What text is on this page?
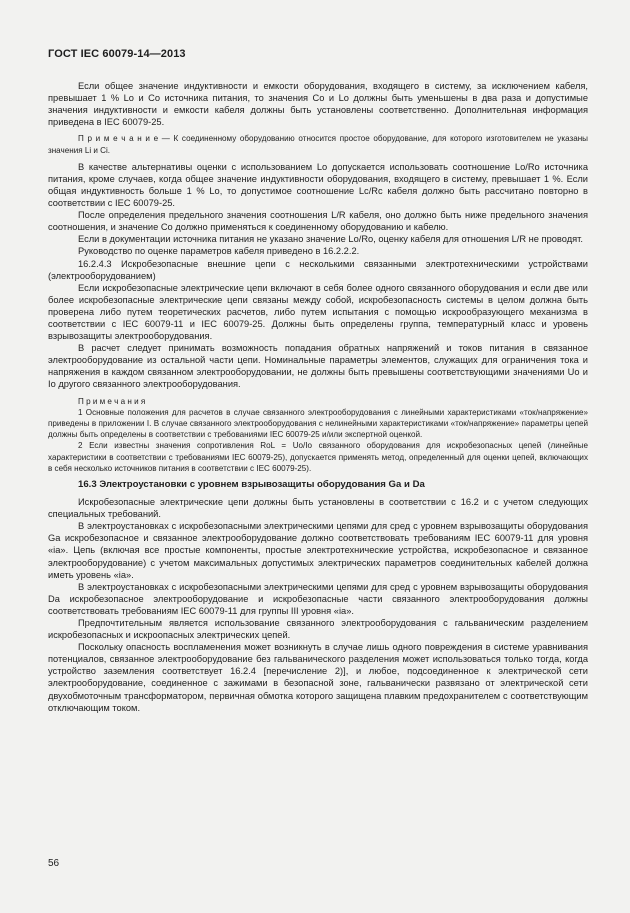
ГОСТ IEC 60079-14—2013

Если общее значение индуктивности и емкости оборудования, входящего в систему, за исключением кабеля, превышает 1 % Lo и Co источника питания, то значения Co и Lo должны быть уменьшены в два раза и допустимые значения индуктивности и емкости кабеля должны быть установлены соответственно. Дополнительная информация приведена в IEC 60079-25.

П р и м е ч а н и е — К соединенному оборудованию относится простое оборудование, для которого изготовителем не указаны значения Li и Ci.

В качестве альтернативы оценки с использованием Lo допускается использовать соотношение Lo/Ro источника питания, кроме случаев, когда общее значение индуктивности оборудования, входящего в систему, превышает 1 %. Если общая индуктивность больше 1 % Lo, то допустимое соотношение Lc/Rc кабеля должно быть рассчитано повторно в соответствии с IEC 60079-25.

После определения предельного значения соотношения L/R кабеля, оно должно быть ниже предельного значения соотношения, и значение Co должно применяться к соединенному оборудованию и кабелю.

Если в документации источника питания не указано значение Lo/Ro, оценку кабеля для отношения L/R не проводят.

Руководство по оценке параметров кабеля приведено в 16.2.2.2.

16.2.4.3 Искробезопасные внешние цепи с несколькими связанными электротехническими устройствами (электрооборудованием)

Если искробезопасные электрические цепи включают в себя более одного связанного оборудования и если две или более искробезопасные электрические цепи связаны между собой, искробезопасность системы в целом должна быть проверена либо путем теоретических расчетов, либо путем испытания с помощью искрообразующего механизма в соответствии с IEC 60079-11 и IEC 60079-25. Должны быть определены группа, температурный класс и уровень взрывозащиты электрооборудования.

В расчет следует принимать возможность попадания обратных напряжений и токов питания в связанное электрооборудование из остальной части цепи. Номинальные параметры элементов, служащих для ограничения тока и напряжения в каждом связанном электрооборудовании, не должны быть превышены соответствующими значениями Uo и Io другого связанного электрооборудования.

П р и м е ч а н и я

1 Основные положения для расчетов в случае связанного электрооборудования с линейными характеристиками «ток/напряжение» приведены в приложении I. В случае связанного электрооборудования с нелинейными характеристиками «ток/напряжение» параметры цепей должны быть определены в соответствии с требованиями IEC 60079-25 и/или экспертной оценкой.

2 Если известны значения сопротивления RoL = Uo/Io связанного оборудования для искробезопасных цепей (линейные характеристики в соответствии с требованиями IEC 60079-25), допускается применять метод, определенный для оценки цепей, включающих в себя несколько источников питания в соответствии с IEC 60079-25).

16.3 Электроустановки с уровнем взрывозащиты оборудования Ga и Da

Искробезопасные электрические цепи должны быть установлены в соответствии с 16.2 и с учетом следующих специальных требований.

В электроустановках с искробезопасными электрическими цепями для сред с уровнем взрывозащиты оборудования Ga искробезопасное и связанное электрооборудование должно соответствовать требованиям IEC 60079-11 для уровня «ia». Цепь (включая все простые компоненты, простые электротехнические устройства, искробезопасное и связанное электрооборудование) с учетом максимальных допустимых электрических параметров соединительных кабелей должна иметь уровень «ia».

В электроустановках с искробезопасными электрическими цепями для сред с уровнем взрывозащиты оборудования Da искробезопасное электрооборудование и искробезопасные части связанного электрооборудования должны соответствовать требованиям IEC 60079-11 для группы III уровня «ia».

Предпочтительным является использование связанного электрооборудования с гальваническим разделением искробезопасных и искроопасных электрических цепей.

Поскольку опасность воспламенения может возникнуть в случае лишь одного повреждения в системе уравнивания потенциалов, связанное электрооборудование без гальванического разделения может использоваться только тогда, когда устройство заземления соответствует 16.2.4 [перечисление 2)], и любое, подсоединенное к электрической сети электрооборудование, соединенное с зажимами в безопасной зоне, гальванически развязано от электрической сети двухобмоточным трансформатором, первичная обмотка которого защищена плавким предохранителем с соответствующим отключающим током.

56
